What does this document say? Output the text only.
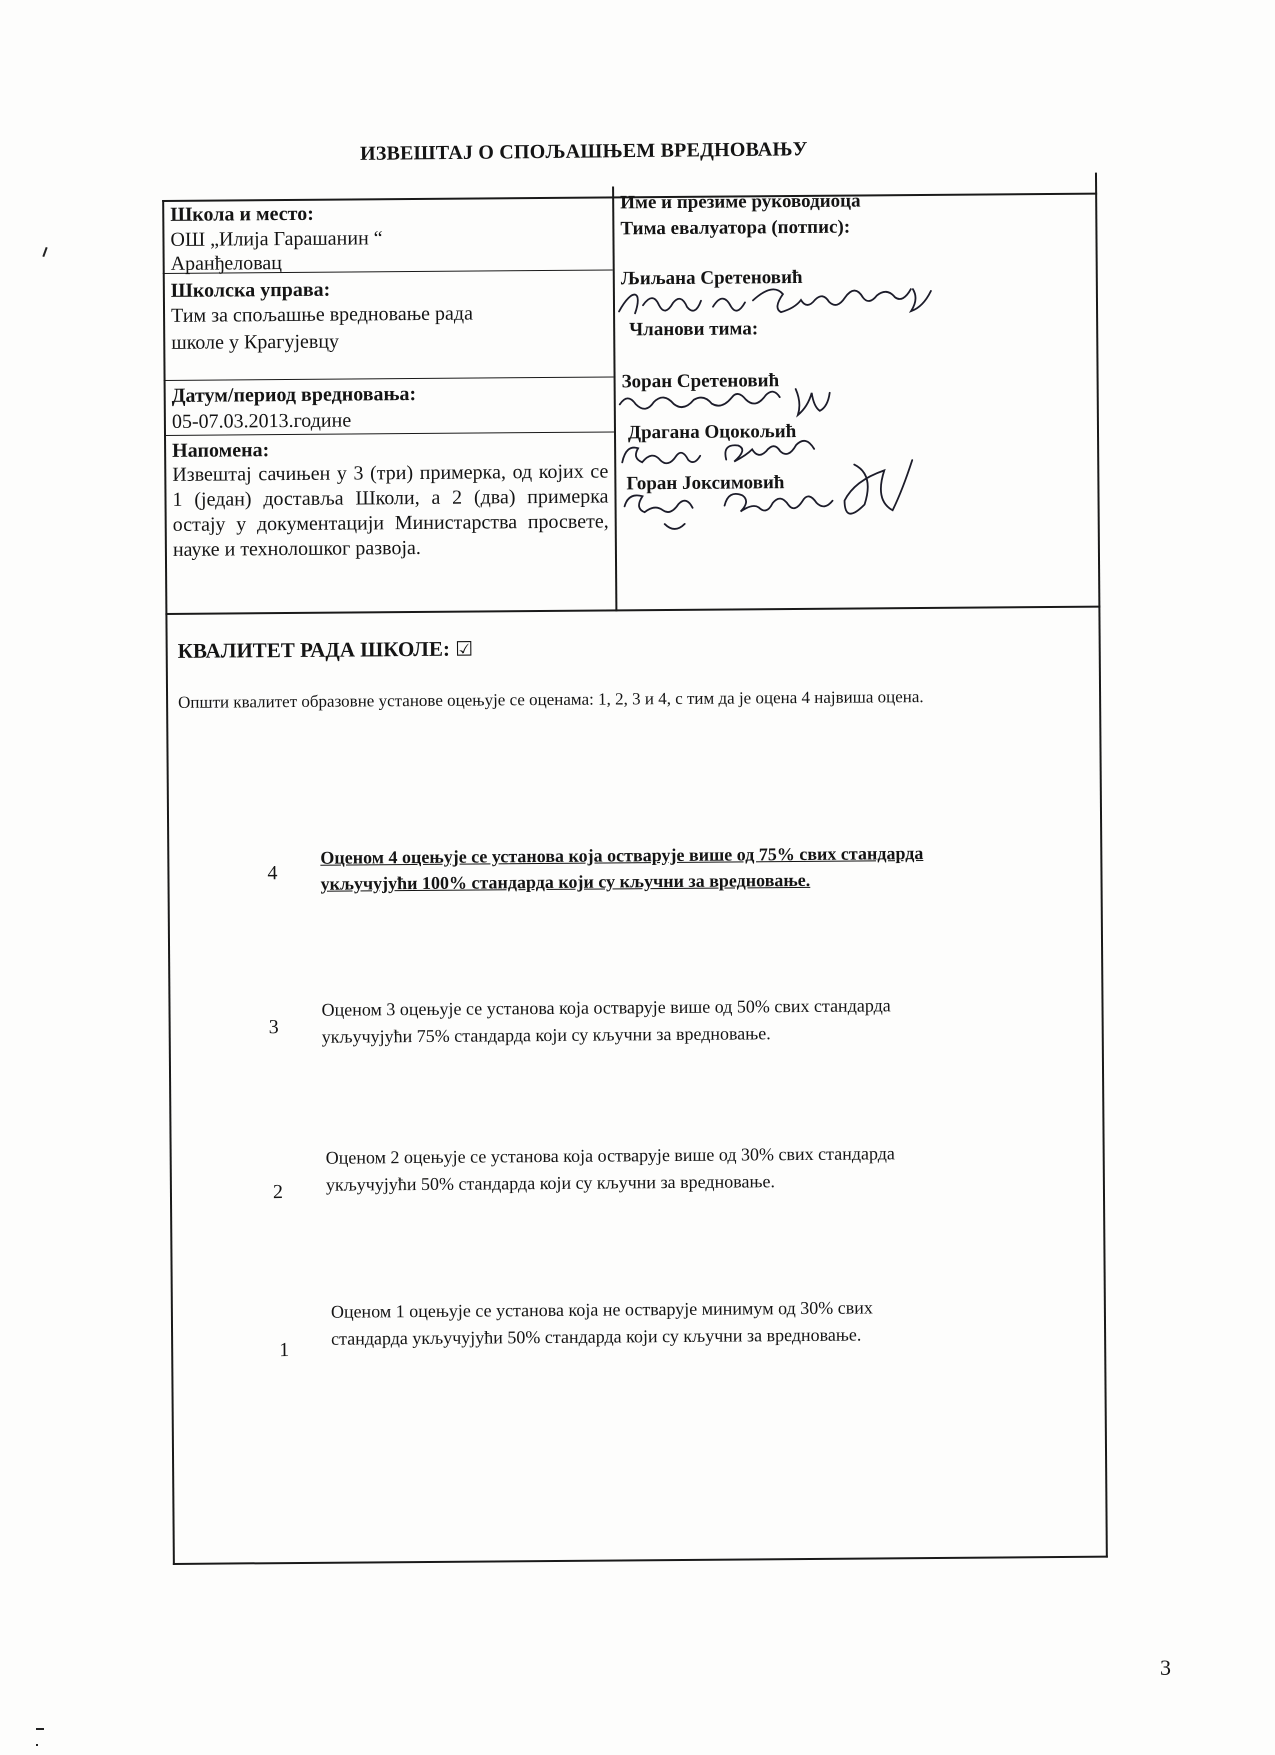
ИЗВЕШТАЈ О СПОЉАШЊЕМ ВРЕДНОВАЊУ
Школа и место:
ОШ „Илија Гарашанин “
Аранђеловац
Школска управа:
Тим за спољашње вредновање рада
школе у Крагујевцу
Датум/период вредновања:
05-07.03.2013.године
Напомена:
Извештај сачињен у 3 (три) примерка, од којих се 1 (један) доставља Школи, а 2 (два) примерка остају у документацији Министарства просвете, науке и технолошког развоја.
Име и презиме руководиоца
Тима евалуатора (потпис):
Љиљана Сретеновић
Чланови тима:
Зоран Сретеновић
Драгана Оцокољић
Горан Јоксимовић
КВАЛИТЕТ РАДА ШКОЛЕ: ☑
Општи квалитет образовне установе оцењује се оценама: 1, 2, 3 и 4, с тим да је оцена 4 највиша оцена.
4
Оценом 4 оцењује се установа која остварује више од 75% свих стандарда
укључујући 100% стандарда који су кључни за вредновање.
3
Оценом 3 оцењује се установа која остварује више од 50% свих стандарда
укључујући 75% стандарда који су кључни за вредновање.
2
Оценом 2 оцењује се установа која остварује више од 30% свих стандарда
укључујући 50% стандарда који су кључни за вредновање.
1
Оценом 1 оцењује се установа која не остварује минимум од 30% свих
стандарда укључујући 50% стандарда који су кључни за вредновање.
3
